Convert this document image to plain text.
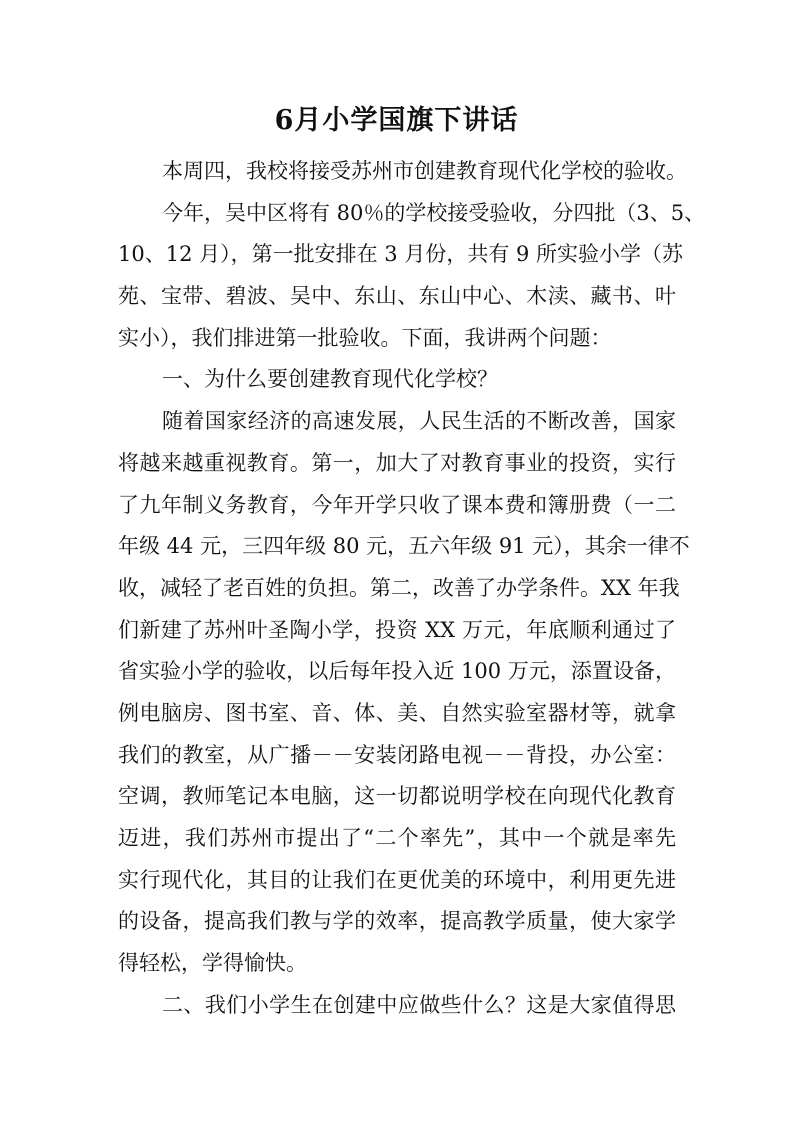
6月小学国旗下讲话
本周四，我校将接受苏州市创建教育现代化学校的验收。
今年，吴中区将有 80％的学校接受验收，分四批（3、5、
10、12 月），第一批安排在 3 月份，共有 9 所实验小学（苏
苑、宝带、碧波、吴中、东山、东山中心、木渎、藏书、叶
实小），我们排进第一批验收。下面，我讲两个问题：
一、为什么要创建教育现代化学校？
随着国家经济的高速发展，人民生活的不断改善，国家
将越来越重视教育。第一，加大了对教育事业的投资，实行
了九年制义务教育，今年开学只收了课本费和簿册费（一二
年级 44 元，三四年级 80 元，五六年级 91 元），其余一律不
收，减轻了老百姓的负担。第二，改善了办学条件。XX 年我
们新建了苏州叶圣陶小学，投资 XX 万元，年底顺利通过了
省实验小学的验收，以后每年投入近 100 万元，添置设备，
例电脑房、图书室、音、体、美、自然实验室器材等，就拿
我们的教室，从广播－－安装闭路电视－－背投，办公室：
空调，教师笔记本电脑，这一切都说明学校在向现代化教育
迈进，我们苏州市提出了“二个率先”，其中一个就是率先
实行现代化，其目的让我们在更优美的环境中，利用更先进
的设备，提高我们教与学的效率，提高教学质量，使大家学
得轻松，学得愉快。
二、我们小学生在创建中应做些什么？这是大家值得思
